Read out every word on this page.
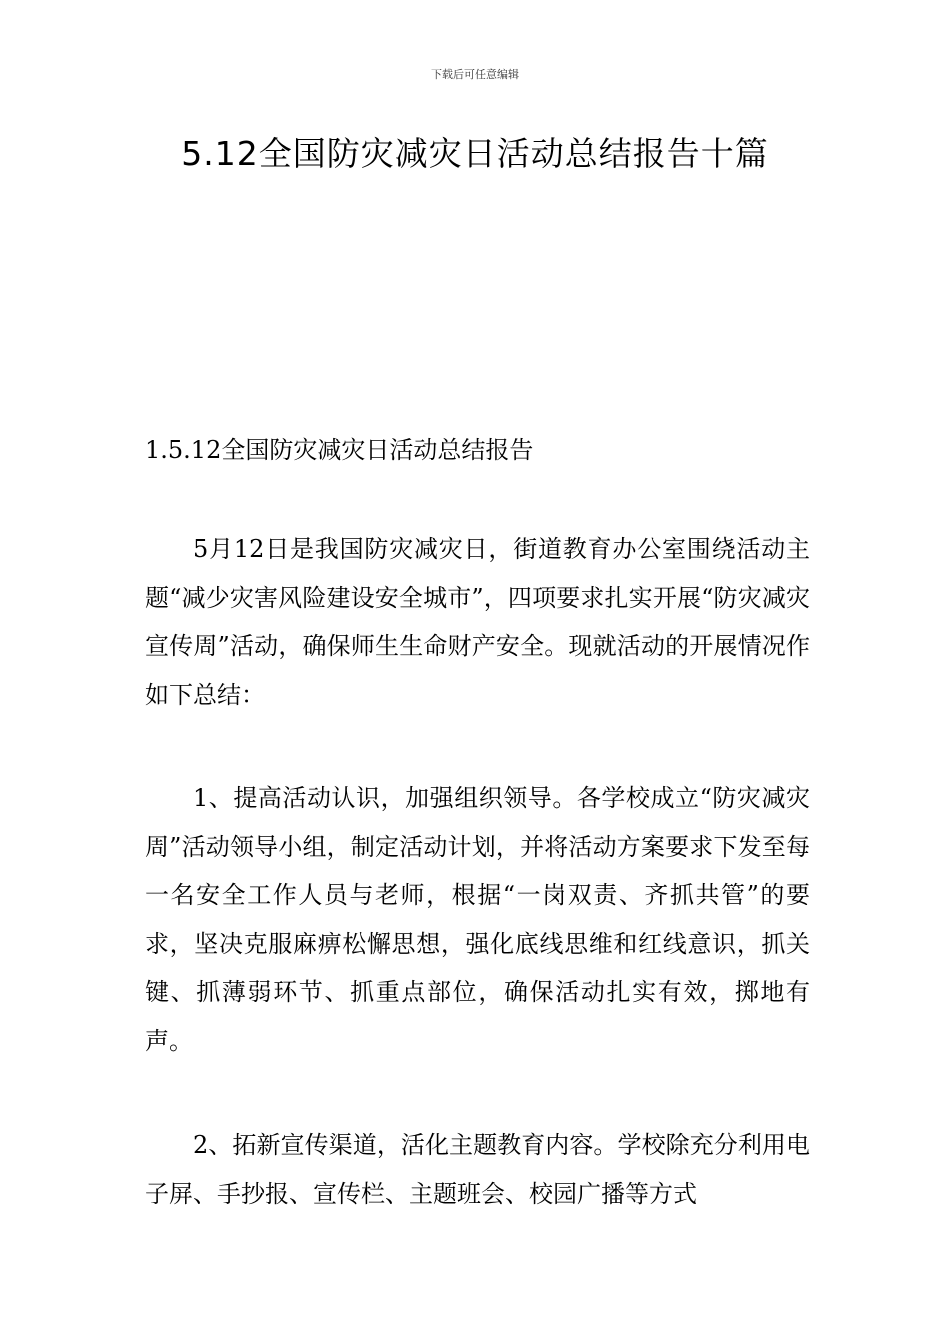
下载后可任意编辑
5.12全国防灾减灾日活动总结报告十篇
1.5.12全国防灾减灾日活动总结报告

5月12日是我国防灾减灾日，街道教育办公室围绕活动主题“减少灾害风险建设安全城市”，四项要求扎实开展“防灾减灾宣传周”活动，确保师生生命财产安全。现就活动的开展情况作如下总结：

1、提高活动认识，加强组织领导。各学校成立“防灾减灾周”活动领导小组，制定活动计划，并将活动方案要求下发至每一名安全工作人员与老师，根据“一岗双责、齐抓共管”的要求，坚决克服麻痹松懈思想，强化底线思维和红线意识，抓关键、抓薄弱环节、抓重点部位，确保活动扎实有效，掷地有声。

2、拓新宣传渠道，活化主题教育内容。学校除充分利用电子屏、手抄报、宣传栏、主题班会、校园广播等方式
